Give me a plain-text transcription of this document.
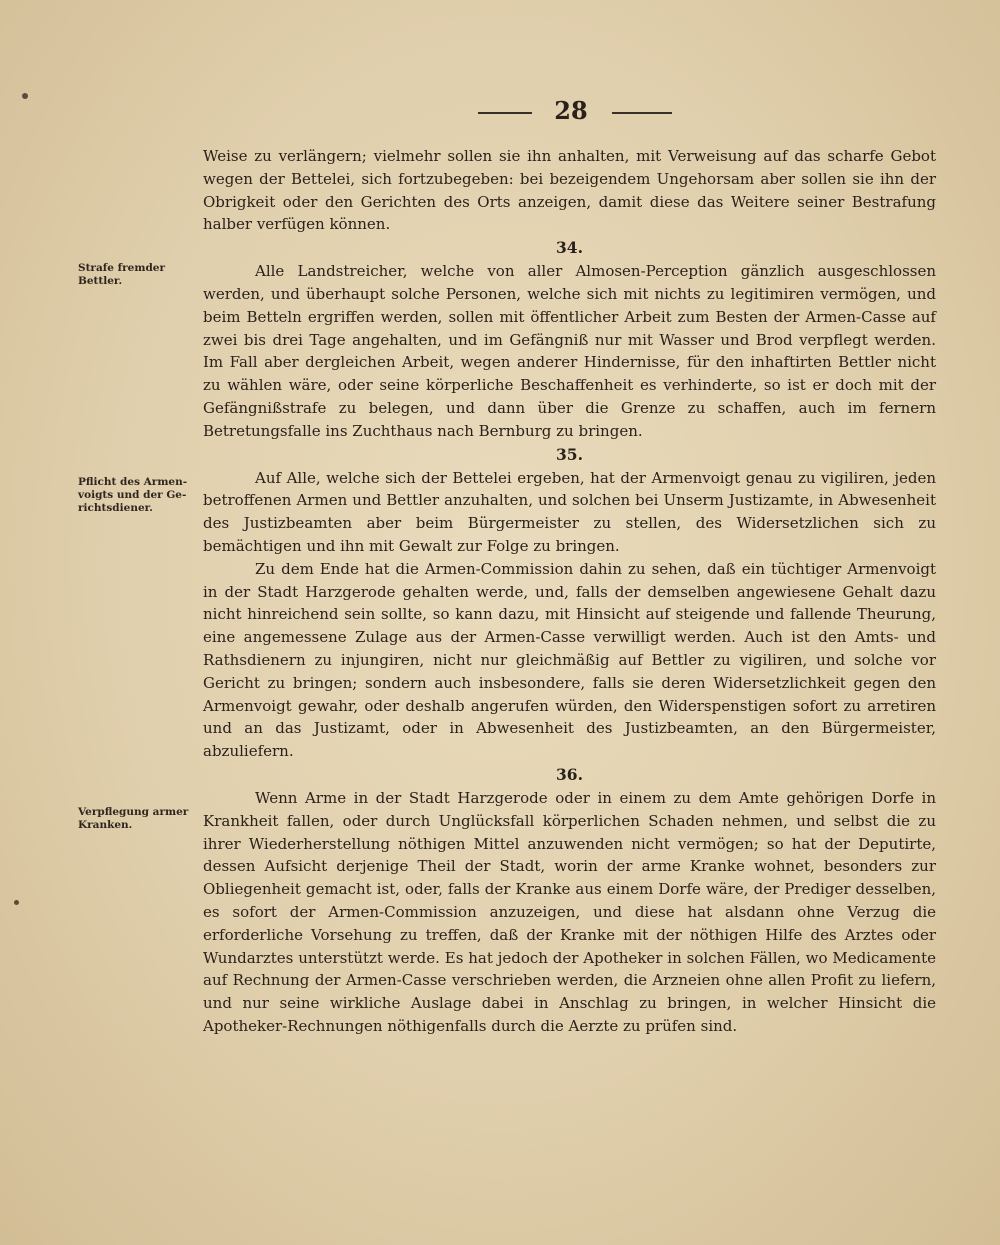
28
Strafe fremder Bettler.
Pflicht des Armen- voigts und der Ge- richtsdiener.
Verpflegung armer Kranken.

Weise zu verlängern; vielmehr sollen sie ihn anhalten, mit Verweisung auf das scharfe Gebot wegen der Bettelei, sich fortzubegeben: bei bezeigendem Ungehorsam aber sollen sie ihn der Obrigkeit oder den Gerichten des Orts anzeigen, damit diese das Weitere seiner Bestrafung halber verfügen können.

34.

Alle Landstreicher, welche von aller Almosen-Perception gänzlich ausgeschlossen werden, und überhaupt solche Personen, welche sich mit nichts zu legitimiren vermögen, und beim Betteln ergriffen werden, sollen mit öffentlicher Arbeit zum Besten der Armen-Casse auf zwei bis drei Tage angehalten, und im Gefängniß nur mit Wasser und Brod verpflegt werden. Im Fall aber dergleichen Arbeit, wegen anderer Hindernisse, für den inhaftirten Bettler nicht zu wählen wäre, oder seine körperliche Beschaffenheit es verhinderte, so ist er doch mit der Gefängnißstrafe zu belegen, und dann über die Grenze zu schaffen, auch im fernern Betretungsfalle ins Zuchthaus nach Bernburg zu bringen.

35.

Auf Alle, welche sich der Bettelei ergeben, hat der Armenvoigt genau zu vigiliren, jeden betroffenen Armen und Bettler anzuhalten, und solchen bei Unserm Justizamte, in Abwesenheit des Justizbeamten aber beim Bürgermeister zu stellen, des Widersetzlichen sich zu bemächtigen und ihn mit Gewalt zur Folge zu bringen.

Zu dem Ende hat die Armen-Commission dahin zu sehen, daß ein tüchtiger Armenvoigt in der Stadt Harzgerode gehalten werde, und, falls der demselben angewiesene Gehalt dazu nicht hinreichend sein sollte, so kann dazu, mit Hinsicht auf steigende und fallende Theurung, eine angemessene Zulage aus der Armen-Casse verwilligt werden. Auch ist den Amts- und Rathsdienern zu injungiren, nicht nur gleichmäßig auf Bettler zu vigiliren, und solche vor Gericht zu bringen; sondern auch insbesondere, falls sie deren Widersetzlichkeit gegen den Armenvoigt gewahr, oder deshalb angerufen würden, den Widerspenstigen sofort zu arretiren und an das Justizamt, oder in Abwesenheit des Justizbeamten, an den Bürgermeister, abzuliefern.

36.

Wenn Arme in der Stadt Harzgerode oder in einem zu dem Amte gehörigen Dorfe in Krankheit fallen, oder durch Unglücksfall körperlichen Schaden nehmen, und selbst die zu ihrer Wiederherstellung nöthigen Mittel anzuwenden nicht vermögen; so hat der Deputirte, dessen Aufsicht derjenige Theil der Stadt, worin der arme Kranke wohnet, besonders zur Obliegenheit gemacht ist, oder, falls der Kranke aus einem Dorfe wäre, der Prediger desselben, es sofort der Armen-Commission anzuzeigen, und diese hat alsdann ohne Verzug die erforderliche Vorsehung zu treffen, daß der Kranke mit der nöthigen Hilfe des Arztes oder Wundarztes unterstützt werde. Es hat jedoch der Apotheker in solchen Fällen, wo Medicamente auf Rechnung der Armen-Casse verschrieben werden, die Arzneien ohne allen Profit zu liefern, und nur seine wirkliche Auslage dabei in Anschlag zu bringen, in welcher Hinsicht die Apotheker-Rechnungen nöthigenfalls durch die Aerzte zu prüfen sind.
